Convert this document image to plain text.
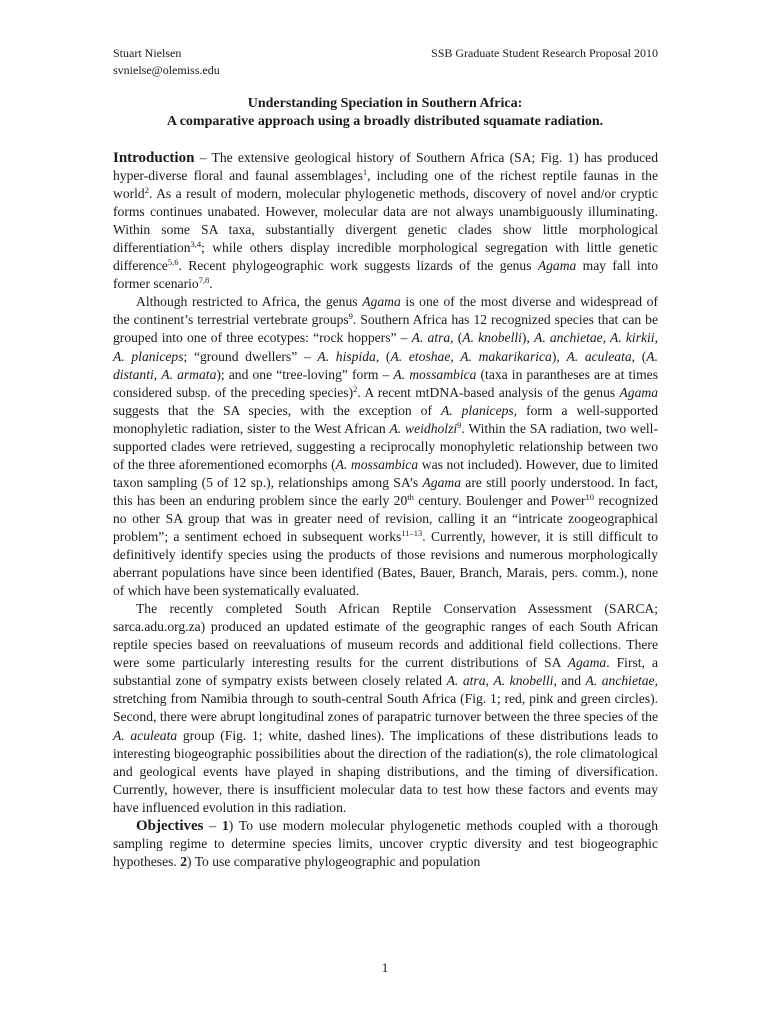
Stuart Nielsen
svnielse@olemiss.edu
SSB Graduate Student Research Proposal 2010
Understanding Speciation in Southern Africa:
A comparative approach using a broadly distributed squamate radiation.

Introduction – The extensive geological history of Southern Africa (SA; Fig. 1) has produced hyper-diverse floral and faunal assemblages$^1$, including one of the richest reptile faunas in the world$^2$. As a result of modern, molecular phylogenetic methods, discovery of novel and/or cryptic forms continues unabated. However, molecular data are not always unambiguously illuminating. Within some SA taxa, substantially divergent genetic clades show little morphological differentiation$^{3,4}$; while others display incredible morphological segregation with little genetic difference$^{5,6}$. Recent phylogeographic work suggests lizards of the genus Agama may fall into former scenario$^{7,8}$.

Although restricted to Africa, the genus Agama is one of the most diverse and widespread of the continent’s terrestrial vertebrate groups$^9$. Southern Africa has 12 recognized species that can be grouped into one of three ecotypes: “rock hoppers” – A. atra, (A. knobelli), A. anchietae, A. kirkii, A. planiceps; “ground dwellers” – A. hispida, (A. etoshae, A. makarikarica), A. aculeata, (A. distanti, A. armata); and one “tree-loving” form – A. mossambica (taxa in parantheses are at times considered subsp. of the preceding species)$^2$. A recent mtDNA-based analysis of the genus Agama suggests that the SA species, with the exception of A. planiceps, form a well-supported monophyletic radiation, sister to the West African A. weidholzi$^9$. Within the SA radiation, two well-supported clades were retrieved, suggesting a reciprocally monophyletic relationship between two of the three aforementioned ecomorphs (A. mossambica was not included). However, due to limited taxon sampling (5 of 12 sp.), relationships among SA’s Agama are still poorly understood. In fact, this has been an enduring problem since the early 20th century. Boulenger and Power$^{10}$ recognized no other SA group that was in greater need of revision, calling it an “intricate zoogeographical problem”; a sentiment echoed in subsequent works$^{11-13}$. Currently, however, it is still difficult to definitively identify species using the products of those revisions and numerous morphologically aberrant populations have since been identified (Bates, Bauer, Branch, Marais, pers. comm.), none of which have been systematically evaluated.

The recently completed South African Reptile Conservation Assessment (SARCA; sarca.adu.org.za) produced an updated estimate of the geographic ranges of each South African reptile species based on reevaluations of museum records and additional field collections. There were some particularly interesting results for the current distributions of SA Agama. First, a substantial zone of sympatry exists between closely related A. atra, A. knobelli, and A. anchietae, stretching from Namibia through to south-central South Africa (Fig. 1; red, pink and green circles). Second, there were abrupt longitudinal zones of parapatric turnover between the three species of the A. aculeata group (Fig. 1; white, dashed lines). The implications of these distributions leads to interesting biogeographic possibilities about the direction of the radiation(s), the role climatological and geological events have played in shaping distributions, and the timing of diversification. Currently, however, there is insufficient molecular data to test how these factors and events may have influenced evolution in this radiation.

Objectives – 1) To use modern molecular phylogenetic methods coupled with a thorough sampling regime to determine species limits, uncover cryptic diversity and test biogeographic hypotheses. 2) To use comparative phylogeographic and population

1
